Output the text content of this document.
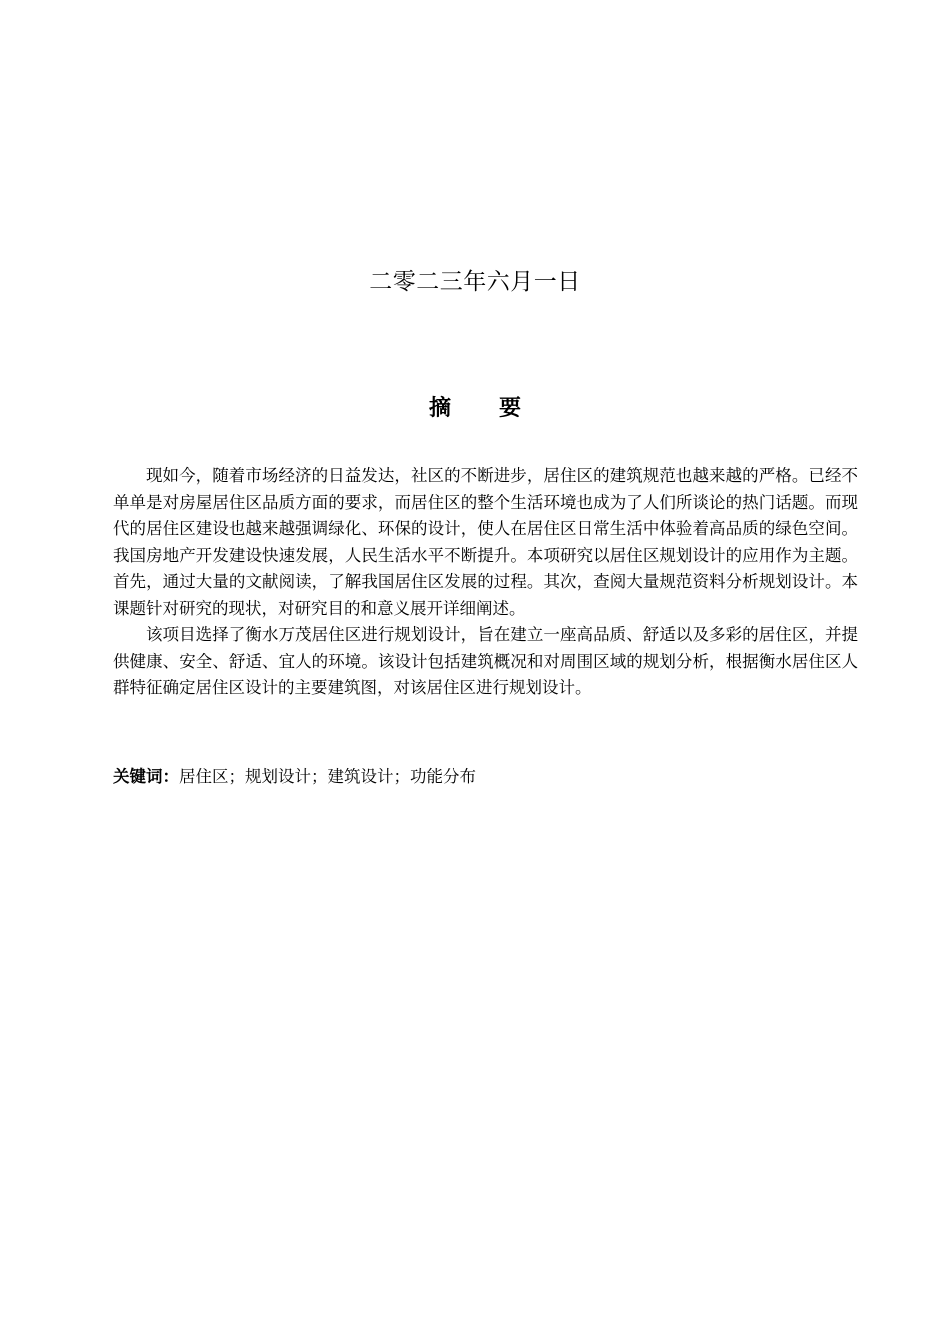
二零二三年六月一日
摘 要

现如今，随着市场经济的日益发达，社区的不断进步，居住区的建筑规范也越来越的严格。已经不单单是对房屋居住区品质方面的要求，而居住区的整个生活环境也成为了人们所谈论的热门话题。而现代的居住区建设也越来越强调绿化、环保的设计，使人在居住区日常生活中体验着高品质的绿色空间。我国房地产开发建设快速发展，人民生活水平不断提升。本项研究以居住区规划设计的应用作为主题。首先，通过大量的文献阅读，了解我国居住区发展的过程。其次，查阅大量规范资料分析规划设计。本课题针对研究的现状，对研究目的和意义展开详细阐述。

该项目选择了衡水万茂居住区进行规划设计，旨在建立一座高品质、舒适以及多彩的居住区，并提供健康、安全、舒适、宜人的环境。该设计包括建筑概况和对周围区域的规划分析，根据衡水居住区人群特征确定居住区设计的主要建筑图，对该居住区进行规划设计。

关键词：居住区；规划设计；建筑设计；功能分布
